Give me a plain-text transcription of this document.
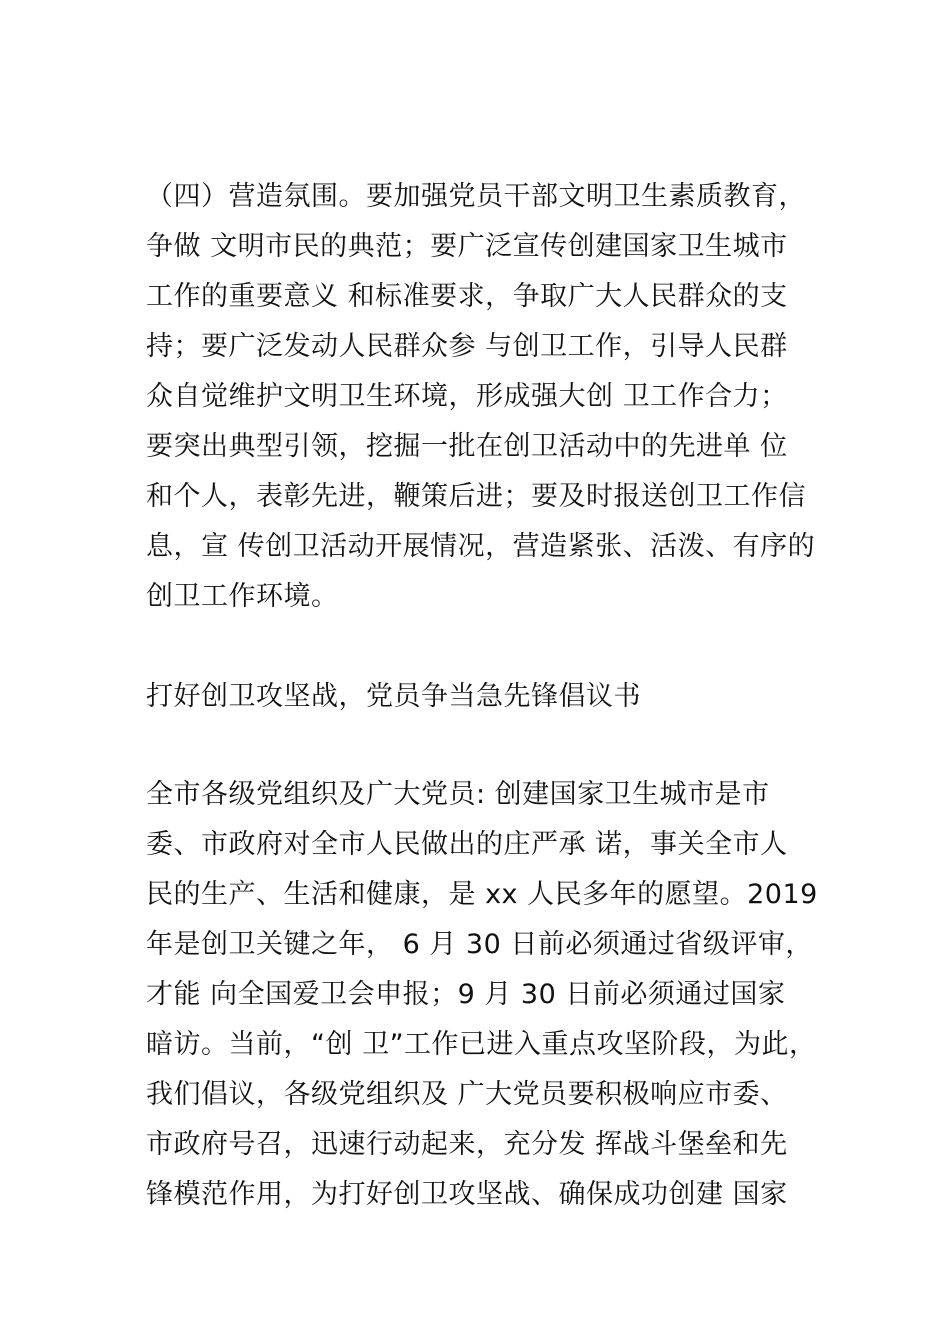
（四）营造氛围。要加强党员干部文明卫生素质教育，
争做 文明市民的典范；要广泛宣传创建国家卫生城市
工作的重要意义 和标准要求，争取广大人民群众的支
持；要广泛发动人民群众参 与创卫工作，引导人民群
众自觉维护文明卫生环境，形成强大创 卫工作合力；
要突出典型引领，挖掘一批在创卫活动中的先进单 位
和个人，表彰先进，鞭策后进；要及时报送创卫工作信
息，宣 传创卫活动开展情况，营造紧张、活泼、有序的
创卫工作环境。
打好创卫攻坚战，党员争当急先锋倡议书
全市各级党组织及广大党员: 创建国家卫生城市是市
委、市政府对全市人民做出的庄严承 诺，事关全市人
民的生产、生活和健康，是 xx 人民多年的愿望。2019
年是创卫关键之年， 6 月 30 日前必须通过省级评审，
才能 向全国爱卫会申报；9 月 30 日前必须通过国家
暗访。当前，“创 卫”工作已进入重点攻坚阶段，为此，
我们倡议，各级党组织及 广大党员要积极响应市委、
市政府号召，迅速行动起来，充分发 挥战斗堡垒和先
锋模范作用，为打好创卫攻坚战、确保成功创建 国家
